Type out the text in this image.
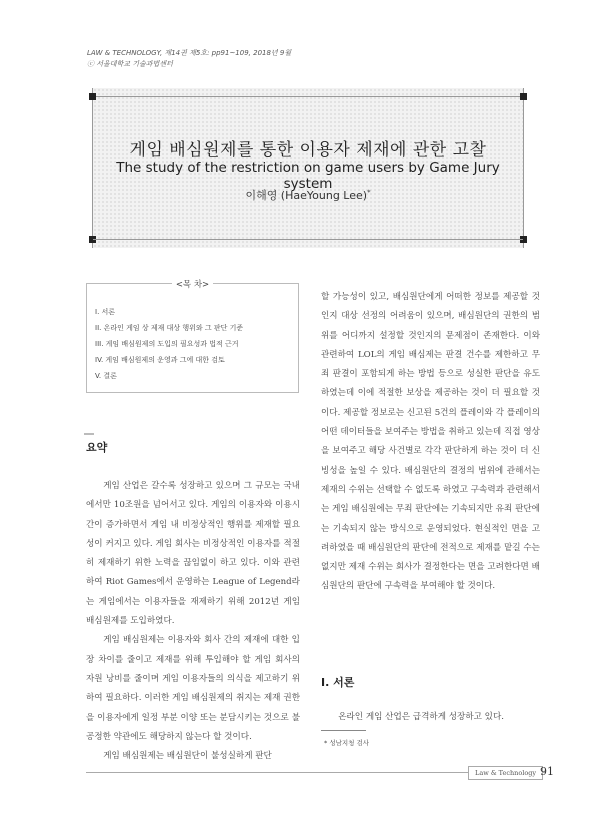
LAW & TECHNOLOGY, 제14권 제5호: pp91~109, 2018년 9월
ⓒ 서울대학교 기술과법센터
게임 배심원제를 통한 이용자 제재에 관한 고찰
The study of the restriction on game users by Game Jury system
이해영 (HaeYoung Lee)*
<목 차>
I. 서론
II. 온라인 게임 상 제재 대상 행위와 그 판단 기준
III. 게임 배심원제의 도입의 필요성과 법적 근거
IV. 게임 배심원제의 운영과 그에 대한 검토
V. 결론
요약

게임 산업은 갈수록 성장하고 있으며 그 규모는 국내에서만 10조원을 넘어서고 있다. 게임의 이용자와 이용시간이 증가하면서 게임 내 비정상적인 행위를 제재할 필요성이 커지고 있다. 게임 회사는 비정상적인 이용자를 적절히 제재하기 위한 노력을 끊임없이 하고 있다. 이와 관련하여 Riot Games에서 운영하는 League of Legend라는 게임에서는 이용자들을 재제하기 위해 2012년 게임 배심원제를 도입하였다.

게임 배심원제는 이용자와 회사 간의 제재에 대한 입장 차이를 줄이고 제재를 위해 투입해야 할 게임 회사의 자원 낭비를 줄이며 게임 이용자들의 의식을 제고하기 위하여 필요하다. 이러한 게임 배심원제의 취지는 제재 권한을 이용자에게 일정 부분 이양 또는 분담시키는 것으로 불공정한 약관에도 해당하지 않는다 할 것이다.

게임 배심원제는 배심원단이 불성실하게 판단

할 가능성이 있고, 배심원단에게 어떠한 정보를 제공할 것인지 대상 선정의 어려움이 있으며, 배심원단의 권한의 범위를 어디까지 설정할 것인지의 문제점이 존재한다. 이와 관련하여 LOL의 게임 배심제는 판결 건수를 제한하고 무죄 판결이 포함되게 하는 방법 등으로 성실한 판단을 유도하였는데 이에 적절한 보상을 제공하는 것이 더 필요할 것이다. 제공할 정보로는 신고된 5건의 플레이와 각 플레이의 어떤 데이터들을 보여주는 방법을 취하고 있는데 직접 영상을 보여주고 해당 사건별로 각각 판단하게 하는 것이 더 신빙성을 높일 수 있다. 배심원단의 결정의 범위에 관해서는 제재의 수위는 선택할 수 없도록 하였고 구속력과 관련해서는 게임 배심원에는 무죄 판단에는 기속되지만 유죄 판단에는 기속되지 않는 방식으로 운영되었다. 현실적인 면을 고려하였을 때 배심원단의 판단에 전적으로 제재를 맡길 수는 없지만 제재 수위는 회사가 결정한다는 면을 고려한다면 배심원단의 판단에 구속력을 부여해야 할 것이다.

I. 서론

온라인 게임 산업은 급격하게 성장하고 있다.

* 성남지청 검사
Law & Technology 91
